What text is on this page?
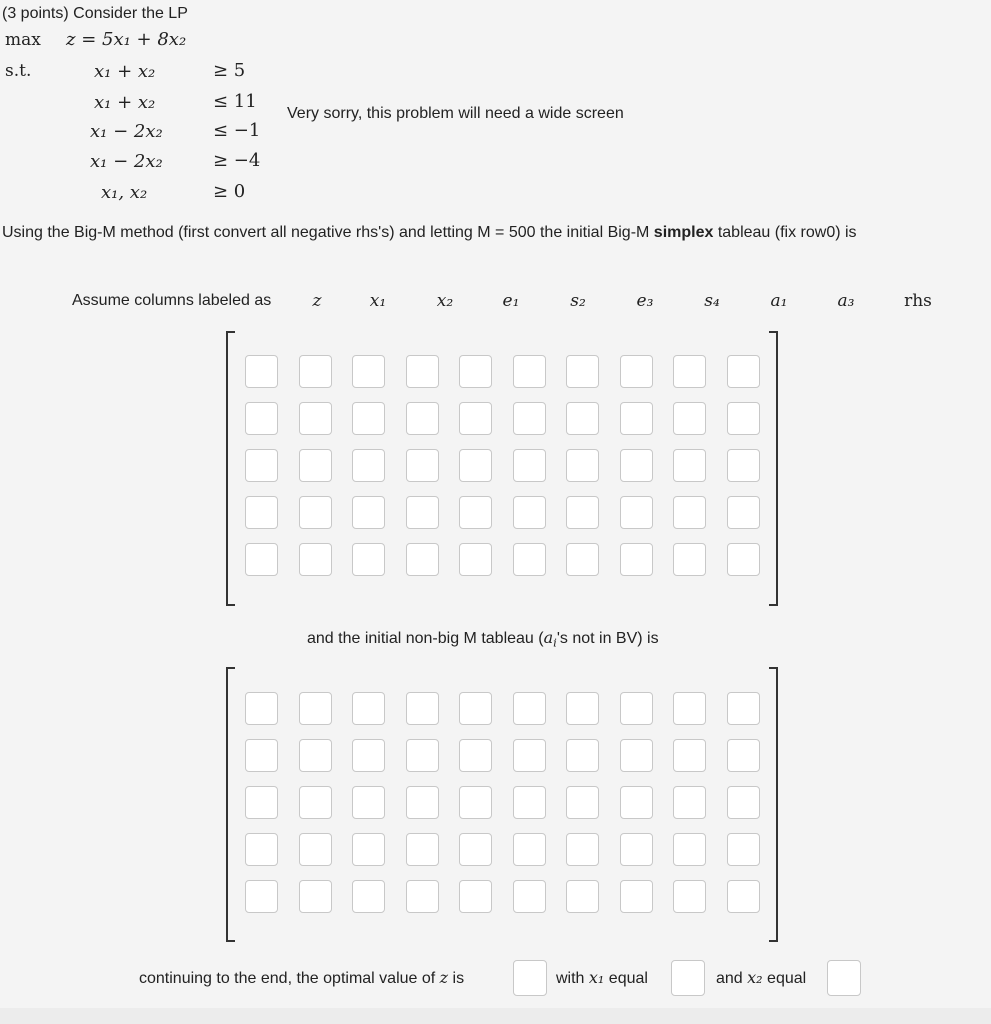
(3 points) Consider the LP
max z = 5x₁ + 8x₂
s.t.	x₁ + x₂	≥ 5
x₁ + x₂	≤ 11
x₁ − 2x₂	≤ −1
x₁ − 2x₂	≥ −4
x₁, x₂	≥ 0
Very sorry, this problem will need a wide screen
Using the Big-M method (first convert all negative rhs's) and letting M = 500 the initial Big-M simplex tableau (fix row0) is
Assume columns labeled as	z	x₁	x₂	e₁	s₂	e₃	s₄	a₁	a₃	rhs
and the initial non-big M tableau ($a_i's$ not in BV) is
continuing to the end, the optimal value of z is	with x₁ equal	and x₂ equal
